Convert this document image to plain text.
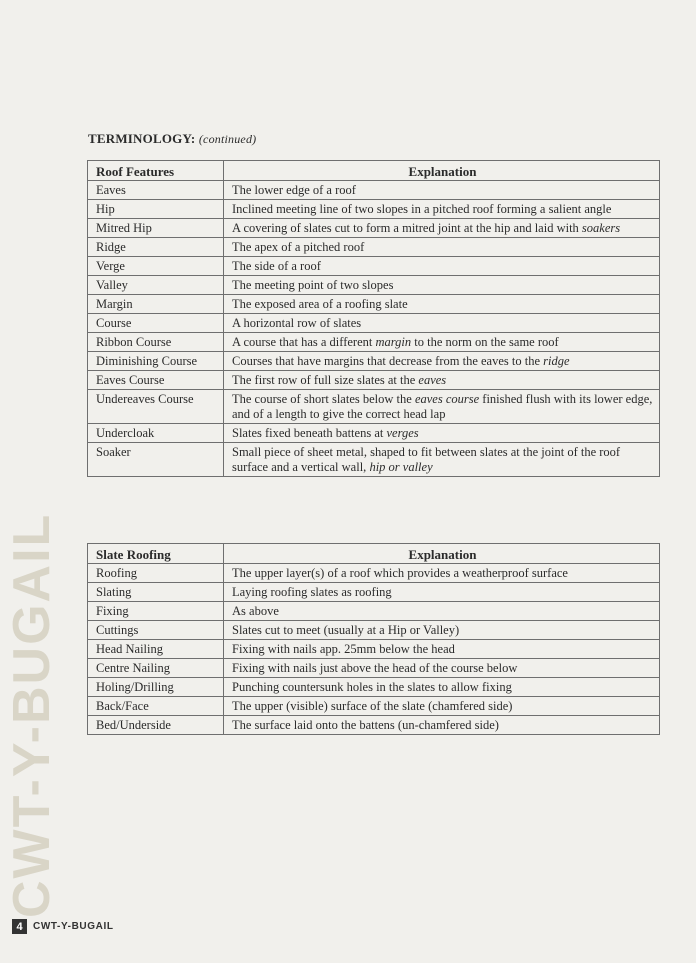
TERMINOLOGY: (continued)
Roof Features	Explanation
Eaves	The lower edge of a roof
Hip	Inclined meeting line of two slopes in a pitched roof forming a salient angle
Mitred Hip	A covering of slates cut to form a mitred joint at the hip and laid with soakers
Ridge	The apex of a pitched roof
Verge	The side of a roof
Valley	The meeting point of two slopes
Margin	The exposed area of a roofing slate
Course	A horizontal row of slates
Ribbon Course	A course that has a different margin to the norm on the same roof
Diminishing Course	Courses that have margins that decrease from the eaves to the ridge
Eaves Course	The first row of full size slates at the eaves
Undereaves Course	The course of short slates below the eaves course finished flush with its lower edge, and of a length to give the correct head lap
Undercloak	Slates fixed beneath battens at verges
Soaker	Small piece of sheet metal, shaped to fit between slates at the joint of the roof surface and a vertical wall, hip or valley
Slate Roofing	Explanation
Roofing	The upper layer(s) of a roof which provides a weatherproof surface
Slating	Laying roofing slates as roofing
Fixing	As above
Cuttings	Slates cut to meet (usually at a Hip or Valley)
Head Nailing	Fixing with nails app. 25mm below the head
Centre Nailing	Fixing with nails just above the head of the course below
Holing/Drilling	Punching countersunk holes in the slates to allow fixing
Back/Face	The upper (visible) surface of the slate (chamfered side)
Bed/Underside	The surface laid onto the battens (un-chamfered side)
CWT-Y-BUGAIL
4	CWT-Y-BUGAIL
